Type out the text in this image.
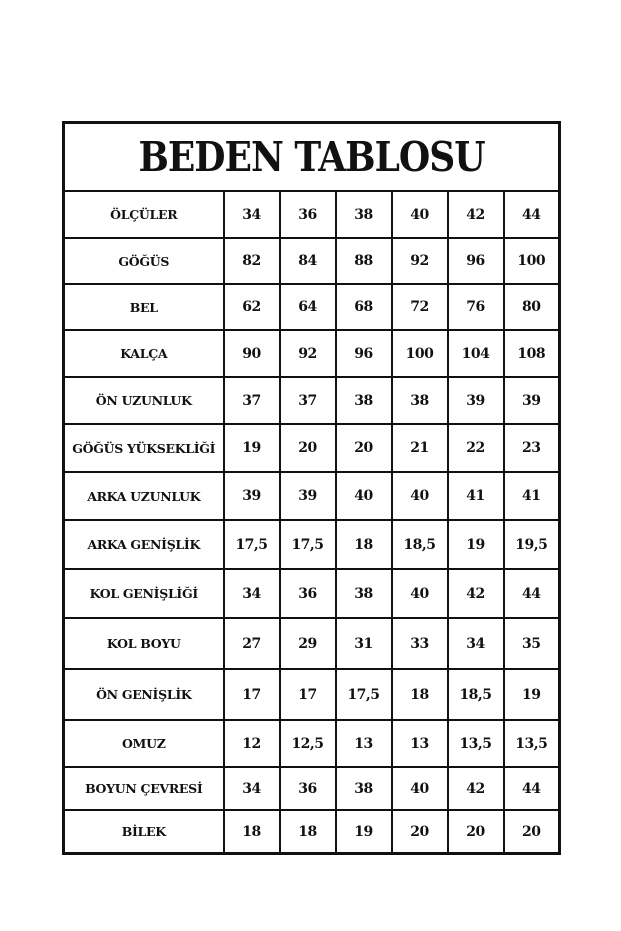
BEDEN TABLOSU						
ÖLÇÜLER	34	36	38	40	42	44
GÖĞÜS	82	84	88	92	96	100
BEL	62	64	68	72	76	80
KALÇA	90	92	96	100	104	108
ÖN UZUNLUK	37	37	38	38	39	39
GÖĞÜS YÜKSEKLİĞİ	19	20	20	21	22	23
ARKA UZUNLUK	39	39	40	40	41	41
ARKA GENİŞLİK	17,5	17,5	18	18,5	19	19,5
KOL GENİŞLİĞİ	34	36	38	40	42	44
KOL BOYU	27	29	31	33	34	35
ÖN GENİŞLİK	17	17	17,5	18	18,5	19
OMUZ	12	12,5	13	13	13,5	13,5
BOYUN ÇEVRESİ	34	36	38	40	42	44
BİLEK	18	18	19	20	20	20
